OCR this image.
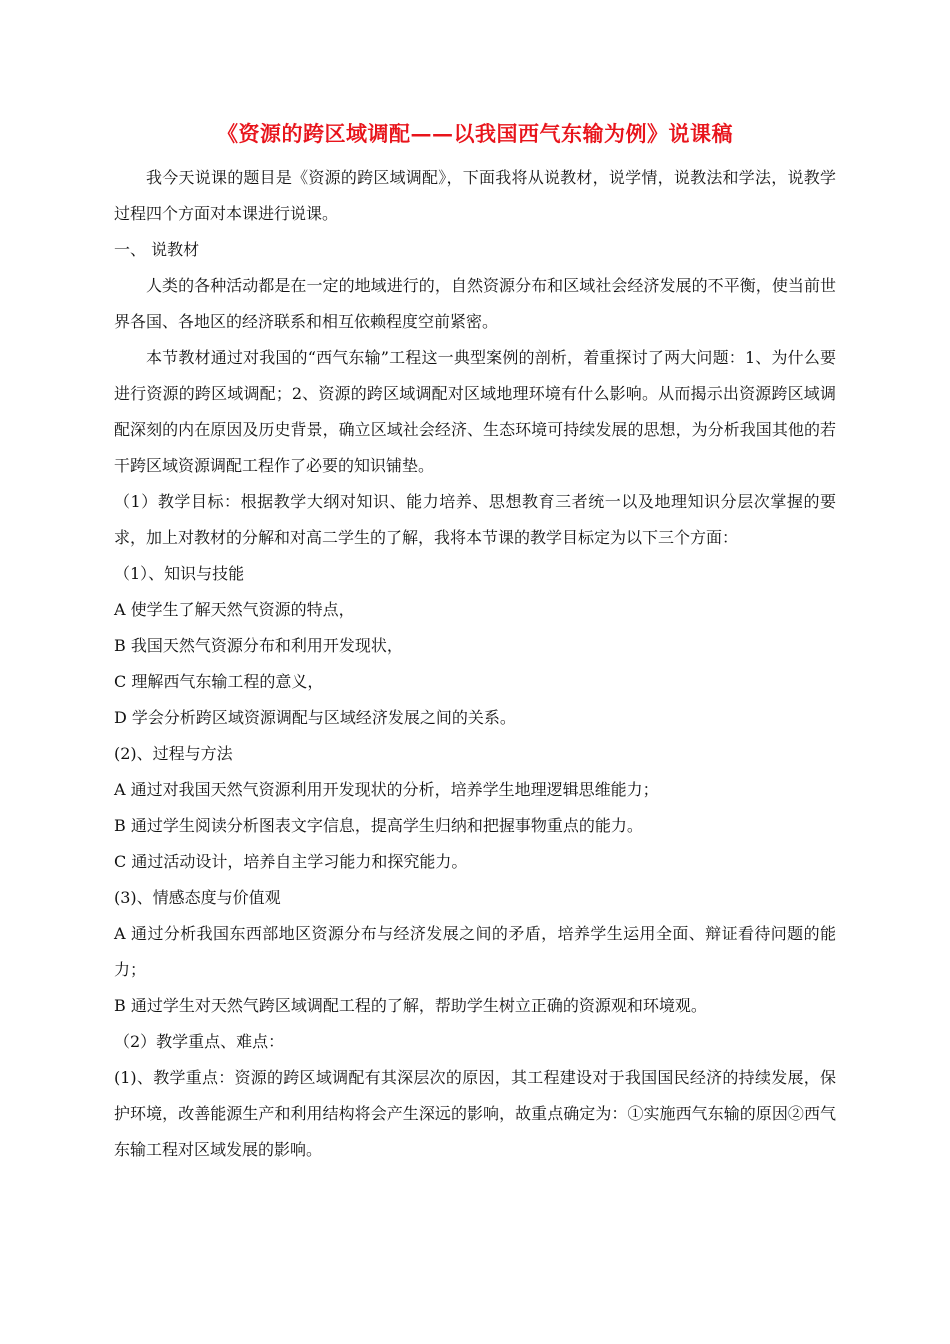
《资源的跨区域调配——以我国西气东输为例》说课稿

我今天说课的题目是《资源的跨区域调配》，下面我将从说教材，说学情，说教法和学法，说教学过程四个方面对本课进行说课。

一、 说教材

人类的各种活动都是在一定的地域进行的，自然资源分布和区域社会经济发展的不平衡，使当前世界各国、各地区的经济联系和相互依赖程度空前紧密。

本节教材通过对我国的“西气东输”工程这一典型案例的剖析，着重探讨了两大问题：1、为什么要进行资源的跨区域调配；2、资源的跨区域调配对区域地理环境有什么影响。从而揭示出资源跨区域调配深刻的内在原因及历史背景，确立区域社会经济、生态环境可持续发展的思想，为分析我国其他的若干跨区域资源调配工程作了必要的知识铺垫。

（1）教学目标：根据教学大纲对知识、能力培养、思想教育三者统一以及地理知识分层次掌握的要求，加上对教材的分解和对高二学生的了解，我将本节课的教学目标定为以下三个方面：

（1）、知识与技能

A 使学生了解天然气资源的特点，

B 我国天然气资源分布和利用开发现状，

C 理解西气东输工程的意义，

D 学会分析跨区域资源调配与区域经济发展之间的关系。

(2)、过程与方法

A 通过对我国天然气资源利用开发现状的分析，培养学生地理逻辑思维能力；

B 通过学生阅读分析图表文字信息，提高学生归纳和把握事物重点的能力。

C 通过活动设计，培养自主学习能力和探究能力。

(3)、情感态度与价值观

A 通过分析我国东西部地区资源分布与经济发展之间的矛盾，培养学生运用全面、辩证看待问题的能力；

B 通过学生对天然气跨区域调配工程的了解，帮助学生树立正确的资源观和环境观。

（2）教学重点、难点：

(1)、教学重点：资源的跨区域调配有其深层次的原因，其工程建设对于我国国民经济的持续发展，保护环境，改善能源生产和利用结构将会产生深远的影响，故重点确定为：①实施西气东输的原因②西气东输工程对区域发展的影响。
